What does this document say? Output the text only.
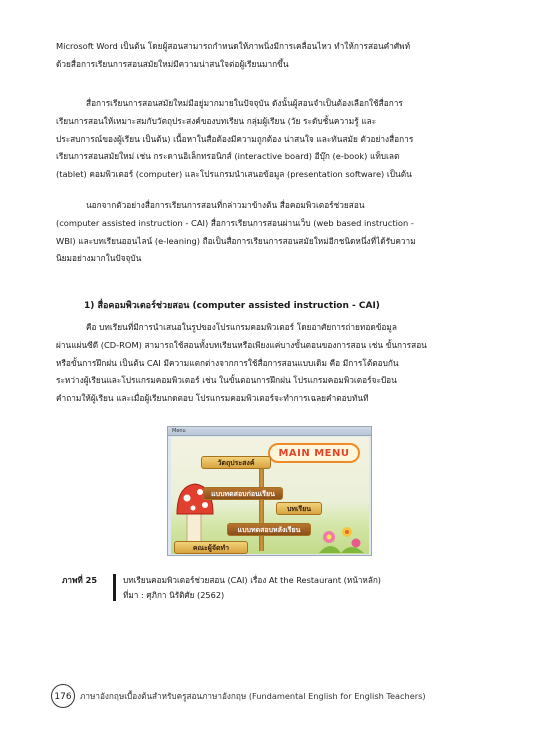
Microsoft Word เป็นต้น โดยผู้สอนสามารถกำหนดให้ภาพนิ่งมีการเคลื่อนไหว ทำให้การสอนคำศัพท์
ด้วยสื่อการเรียนการสอนสมัยใหม่มีความน่าสนใจต่อผู้เรียนมากขึ้น
สื่อการเรียนการสอนสมัยใหม่มีอยู่มากมายในปัจจุบัน ดังนั้นผู้สอนจำเป็นต้องเลือกใช้สื่อการ
เรียนการสอนให้เหมาะสมกับวัตถุประสงค์ของบทเรียน กลุ่มผู้เรียน (วัย ระดับชั้นความรู้ และ
ประสบการณ์ของผู้เรียน เป็นต้น) เนื้อหาในสื่อต้องมีความถูกต้อง น่าสนใจ และทันสมัย ตัวอย่างสื่อการ
เรียนการสอนสมัยใหม่ เช่น กระดานอิเล็กทรอนิกส์ (interactive board) อีบุ๊ก (e-book) แท็บเลต
(tablet) คอมพิวเตอร์ (computer) และโปรแกรมนำเสนอข้อมูล (presentation software) เป็นต้น
นอกจากตัวอย่างสื่อการเรียนการสอนที่กล่าวมาข้างต้น สื่อคอมพิวเตอร์ช่วยสอน
(computer assisted instruction - CAI) สื่อการเรียนการสอนผ่านเว็บ (web based instruction -
WBI) และบทเรียนออนไลน์ (e-leaning) ถือเป็นสื่อการเรียนการสอนสมัยใหม่อีกชนิดหนึ่งที่ได้รับความ
นิยมอย่างมากในปัจจุบัน
1) สื่อคอมพิวเตอร์ช่วยสอน (computer assisted instruction - CAI)
คือ บทเรียนที่มีการนำเสนอในรูปของโปรแกรมคอมพิวเตอร์ โดยอาศัยการถ่ายทอดข้อมูล
ผ่านแผ่นซีดี (CD-ROM) สามารถใช้สอนทั้งบทเรียนหรือเพียงแค่บางขั้นตอนของการสอน เช่น ขั้นการสอน
หรือขั้นการฝึกฝน เป็นต้น CAI มีความแตกต่างจากการใช้สื่อการสอนแบบเดิม คือ มีการโต้ตอบกัน
ระหว่างผู้เรียนและโปรแกรมคอมพิวเตอร์ เช่น ในขั้นตอนการฝึกฝน โปรแกรมคอมพิวเตอร์จะป้อน
คำถามให้ผู้เรียน และเมื่อผู้เรียนกดตอบ โปรแกรมคอมพิวเตอร์จะทำการเฉลยคำตอบทันที
Menu
MAIN MENU
วัตถุประสงค์
แบบทดสอบก่อนเรียน
บทเรียน
แบบทดสอบหลังเรียน
คณะผู้จัดทำ
ภาพที่ 25	บทเรียนคอมพิวเตอร์ช่วยสอน (CAI) เรื่อง At the Restaurant (หน้าหลัก)
ที่มา : ศุภิกา นิรัติศัย (2562)
176	ภาษาอังกฤษเบื้องต้นสำหรับครูสอนภาษาอังกฤษ (Fundamental English for English Teachers)
